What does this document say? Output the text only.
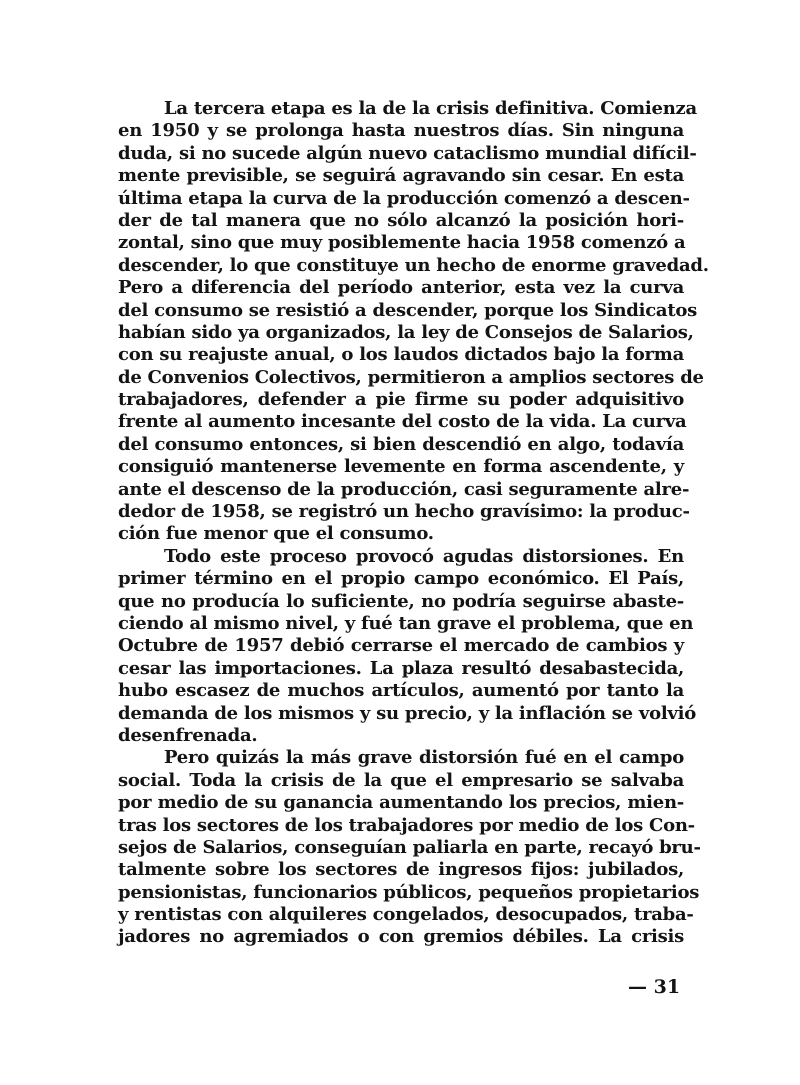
La tercera etapa es la de la crisis definitiva. Comienza
en 1950 y se prolonga hasta nuestros días. Sin ninguna
duda, si no sucede algún nuevo cataclismo mundial difícil-
mente previsible, se seguirá agravando sin cesar. En esta
última etapa la curva de la producción comenzó a descen-
der de tal manera que no sólo alcanzó la posición hori-
zontal, sino que muy posiblemente hacia 1958 comenzó a
descender, lo que constituye un hecho de enorme gravedad.
Pero a diferencia del período anterior, esta vez la curva
del consumo se resistió a descender, porque los Sindicatos
habían sido ya organizados, la ley de Consejos de Salarios,
con su reajuste anual, o los laudos dictados bajo la forma
de Convenios Colectivos, permitieron a amplios sectores de
trabajadores, defender a pie firme su poder adquisitivo
frente al aumento incesante del costo de la vida. La curva
del consumo entonces, si bien descendió en algo, todavía
consiguió mantenerse levemente en forma ascendente, y
ante el descenso de la producción, casi seguramente alre-
dedor de 1958, se registró un hecho gravísimo: la produc-
ción fue menor que el consumo.

Todo este proceso provocó agudas distorsiones. En
primer término en el propio campo económico. El País,
que no producía lo suficiente, no podría seguirse abaste-
ciendo al mismo nivel, y fué tan grave el problema, que en
Octubre de 1957 debió cerrarse el mercado de cambios y
cesar las importaciones. La plaza resultó desabastecida,
hubo escasez de muchos artículos, aumentó por tanto la
demanda de los mismos y su precio, y la inflación se volvió
desenfrenada.

Pero quizás la más grave distorsión fué en el campo
social. Toda la crisis de la que el empresario se salvaba
por medio de su ganancia aumentando los precios, mien-
tras los sectores de los trabajadores por medio de los Con-
sejos de Salarios, conseguían paliarla en parte, recayó bru-
talmente sobre los sectores de ingresos fijos: jubilados,
pensionistas, funcionarios públicos, pequeños propietarios
y rentistas con alquileres congelados, desocupados, traba-
jadores no agremiados o con gremios débiles. La crisis

— 31
